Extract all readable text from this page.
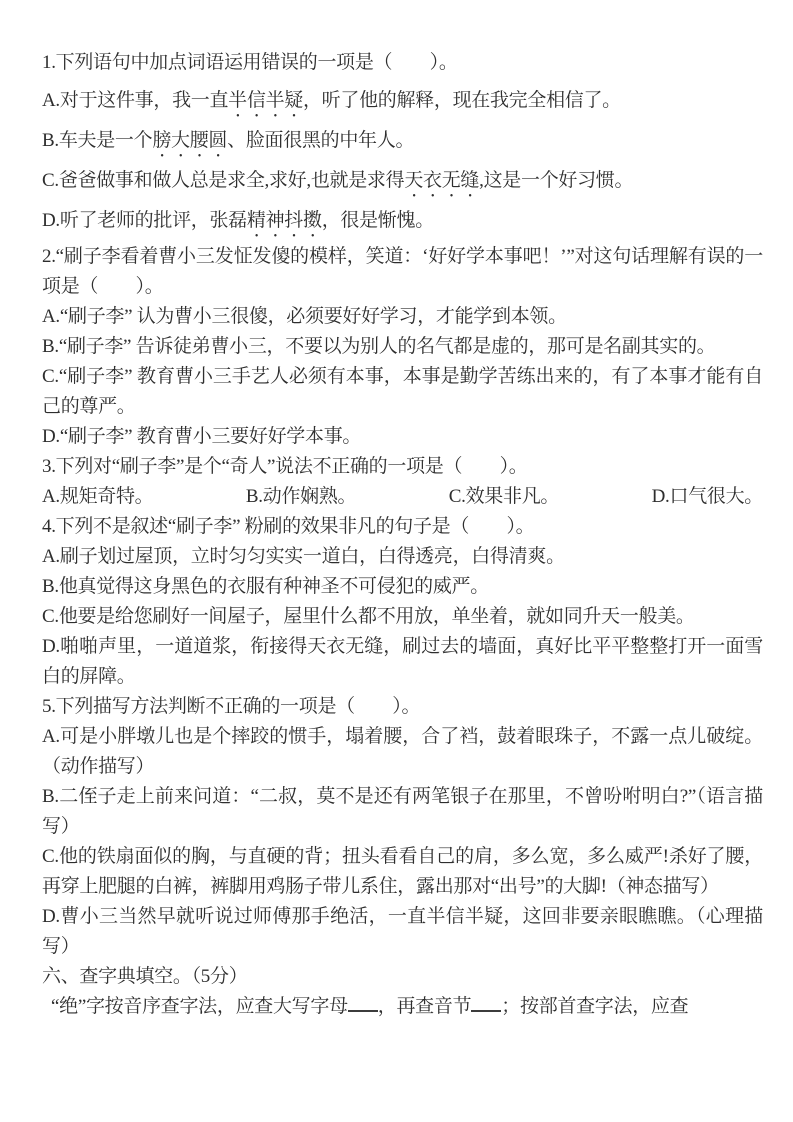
1.下列语句中加点词语运用错误的一项是（　　）。

A.对于这件事，我一直半信半疑，听了他的解释，现在我完全相信了。

B.车夫是一个膀大腰圆、脸面很黑的中年人。

C.爸爸做事和做人总是求全,求好,也就是求得天衣无缝,这是一个好习惯。

D.听了老师的批评，张磊精神抖擞，很是惭愧。

2.“刷子李看着曹小三发怔发傻的模样，笑道：‘好好学本事吧！’”对这句话理解有误的一项是（　　）。

A.“刷子李” 认为曹小三很傻，必须要好好学习，才能学到本领。

B.“刷子李” 告诉徒弟曹小三，不要以为别人的名气都是虚的，那可是名副其实的。

C.“刷子李” 教育曹小三手艺人必须有本事，本事是勤学苦练出来的，有了本事才能有自己的尊严。

D.“刷子李” 教育曹小三要好好学本事。

3.下列对“刷子李”是个“奇人”说法不正确的一项是（　　）。

A.规矩奇特。	B.动作娴熟。	C.效果非凡。	D.口气很大。

4.下列不是叙述“刷子李” 粉刷的效果非凡的句子是（　　）。

A.刷子划过屋顶，立时匀匀实实一道白，白得透亮，白得清爽。

B.他真觉得这身黑色的衣服有种神圣不可侵犯的威严。

C.他要是给您刷好一间屋子，屋里什么都不用放，单坐着，就如同升天一般美。

D.啪啪声里，一道道浆，衔接得天衣无缝，刷过去的墙面，真好比平平整整打开一面雪白的屏障。

5.下列描写方法判断不正确的一项是（　　）。

A.可是小胖墩儿也是个摔跤的惯手，塌着腰，合了裆，鼓着眼珠子，不露一点儿破绽。（动作描写）

B.二侄子走上前来问道：“二叔，莫不是还有两笔银子在那里，不曾吩咐明白?”（语言描写）

C.他的铁扇面似的胸，与直硬的背；扭头看看自己的肩，多么宽，多么威严!杀好了腰，再穿上肥腿的白裤，裤脚用鸡肠子带儿系住，露出那对“出号”的大脚!（神态描写）

D.曹小三当然早就听说过师傅那手绝活，一直半信半疑，这回非要亲眼瞧瞧。（心理描写）

六、查字典填空。（5分）

“绝”字按音序查字法，应查大写字母 ，再查音节 ；按部首查字法，应查
